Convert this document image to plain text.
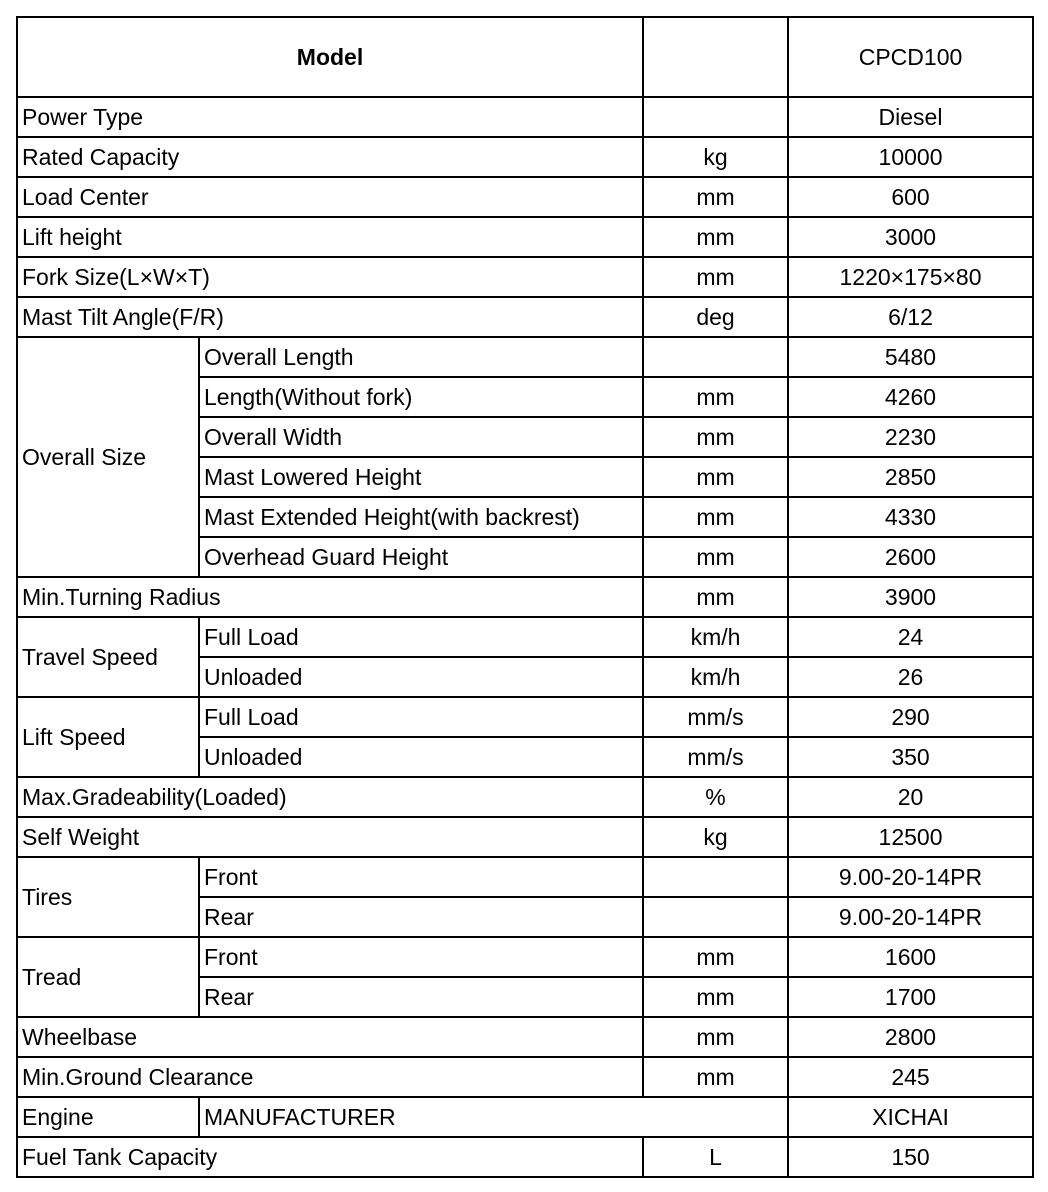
Model			CPCD100
Power Type			Diesel
Rated Capacity		kg	10000
Load Center		mm	600
Lift height		mm	3000
Fork Size(L×W×T)		mm	1220×175×80
Mast Tilt Angle(F/R)		deg	6/12
Overall Size	Overall Length		5480
	Length(Without fork)	mm	4260
	Overall Width	mm	2230
	Mast Lowered Height	mm	2850
	Mast Extended Height(with backrest)	mm	4330
	Overhead Guard Height	mm	2600
Min.Turning Radius		mm	3900
Travel Speed	Full Load	km/h	24
	Unloaded	km/h	26
Lift Speed	Full Load	mm/s	290
	Unloaded	mm/s	350
Max.Gradeability(Loaded)		%	20
Self Weight		kg	12500
Tires	Front		9.00-20-14PR
	Rear		9.00-20-14PR
Tread	Front	mm	1600
	Rear	mm	1700
Wheelbase		mm	2800
Min.Ground Clearance		mm	245
Engine	MANUFACTURER		XICHAI
Fuel Tank Capacity		L	150
